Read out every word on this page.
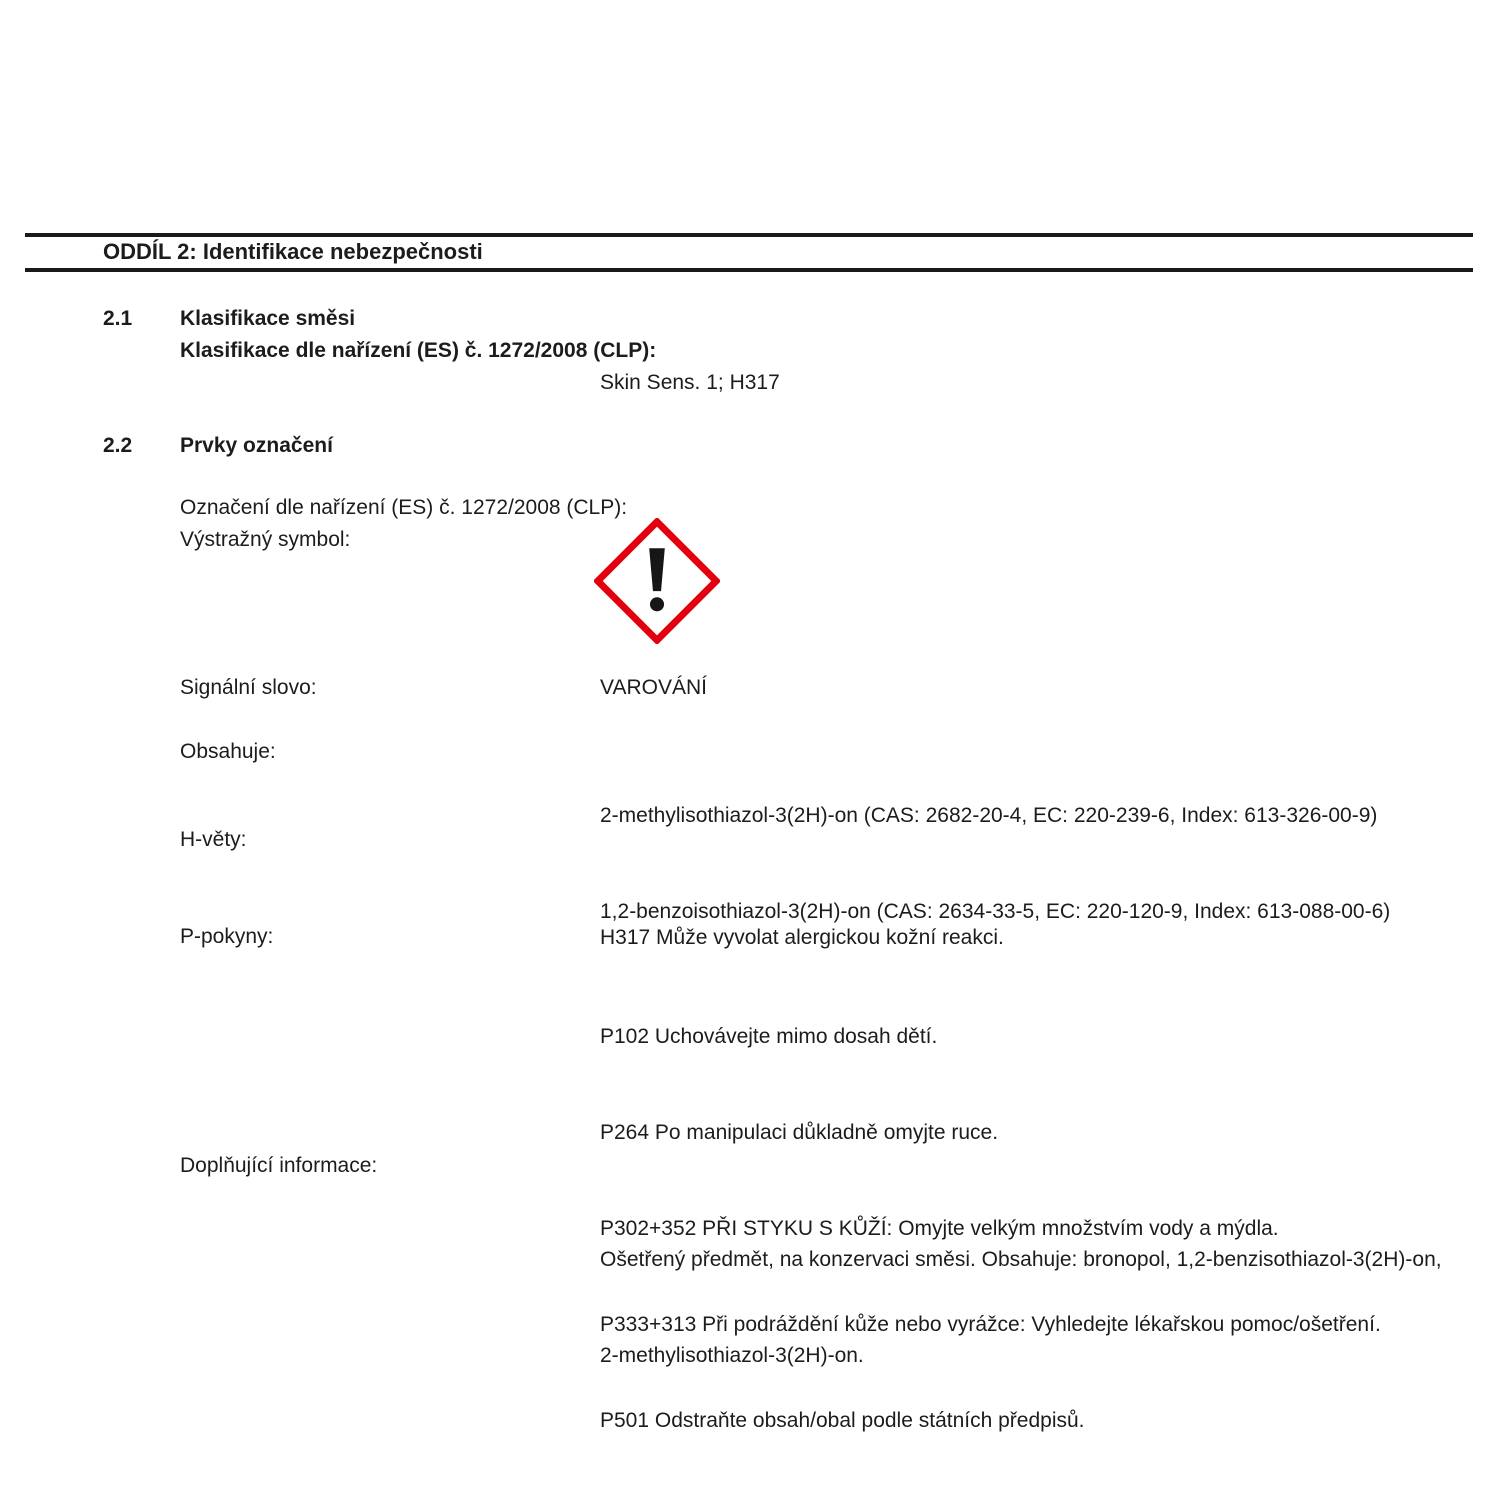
ODDÍL 2: Identifikace nebezpečnosti
2.1 Klasifikace směsi
Klasifikace dle nařízení (ES) č. 1272/2008 (CLP):
Skin Sens. 1; H317
2.2 Prvky označení
Označení dle nařízení (ES) č. 1272/2008 (CLP):
Výstražný symbol:
Signální slovo:	VAROVÁNÍ
Obsahuje:

2-methylisothiazol-3(2H)-on (CAS: 2682-20-4, EC: 220-239-6, Index: 613-326-00-9)

1,2-benzoisothiazol-3(2H)-on (CAS: 2634-33-5, EC: 220-120-9, Index: 613-088-00-6)

H-věty:

H317 Může vyvolat alergickou kožní reakci.

P-pokyny:

P102 Uchovávejte mimo dosah dětí.

P264 Po manipulaci důkladně omyjte ruce.

P302+352 PŘI STYKU S KŮŽÍ: Omyjte velkým množstvím vody a mýdla.

P333+313 Při podráždění kůže nebo vyrážce: Vyhledejte lékařskou pomoc/ošetření.

P501 Odstraňte obsah/obal podle státních předpisů.

Doplňující informace:

Ošetřený předmět, na konzervaci směsi. Obsahuje: bronopol, 1,2-benzisothiazol-3(2H)-on,

2-methylisothiazol-3(2H)-on.
